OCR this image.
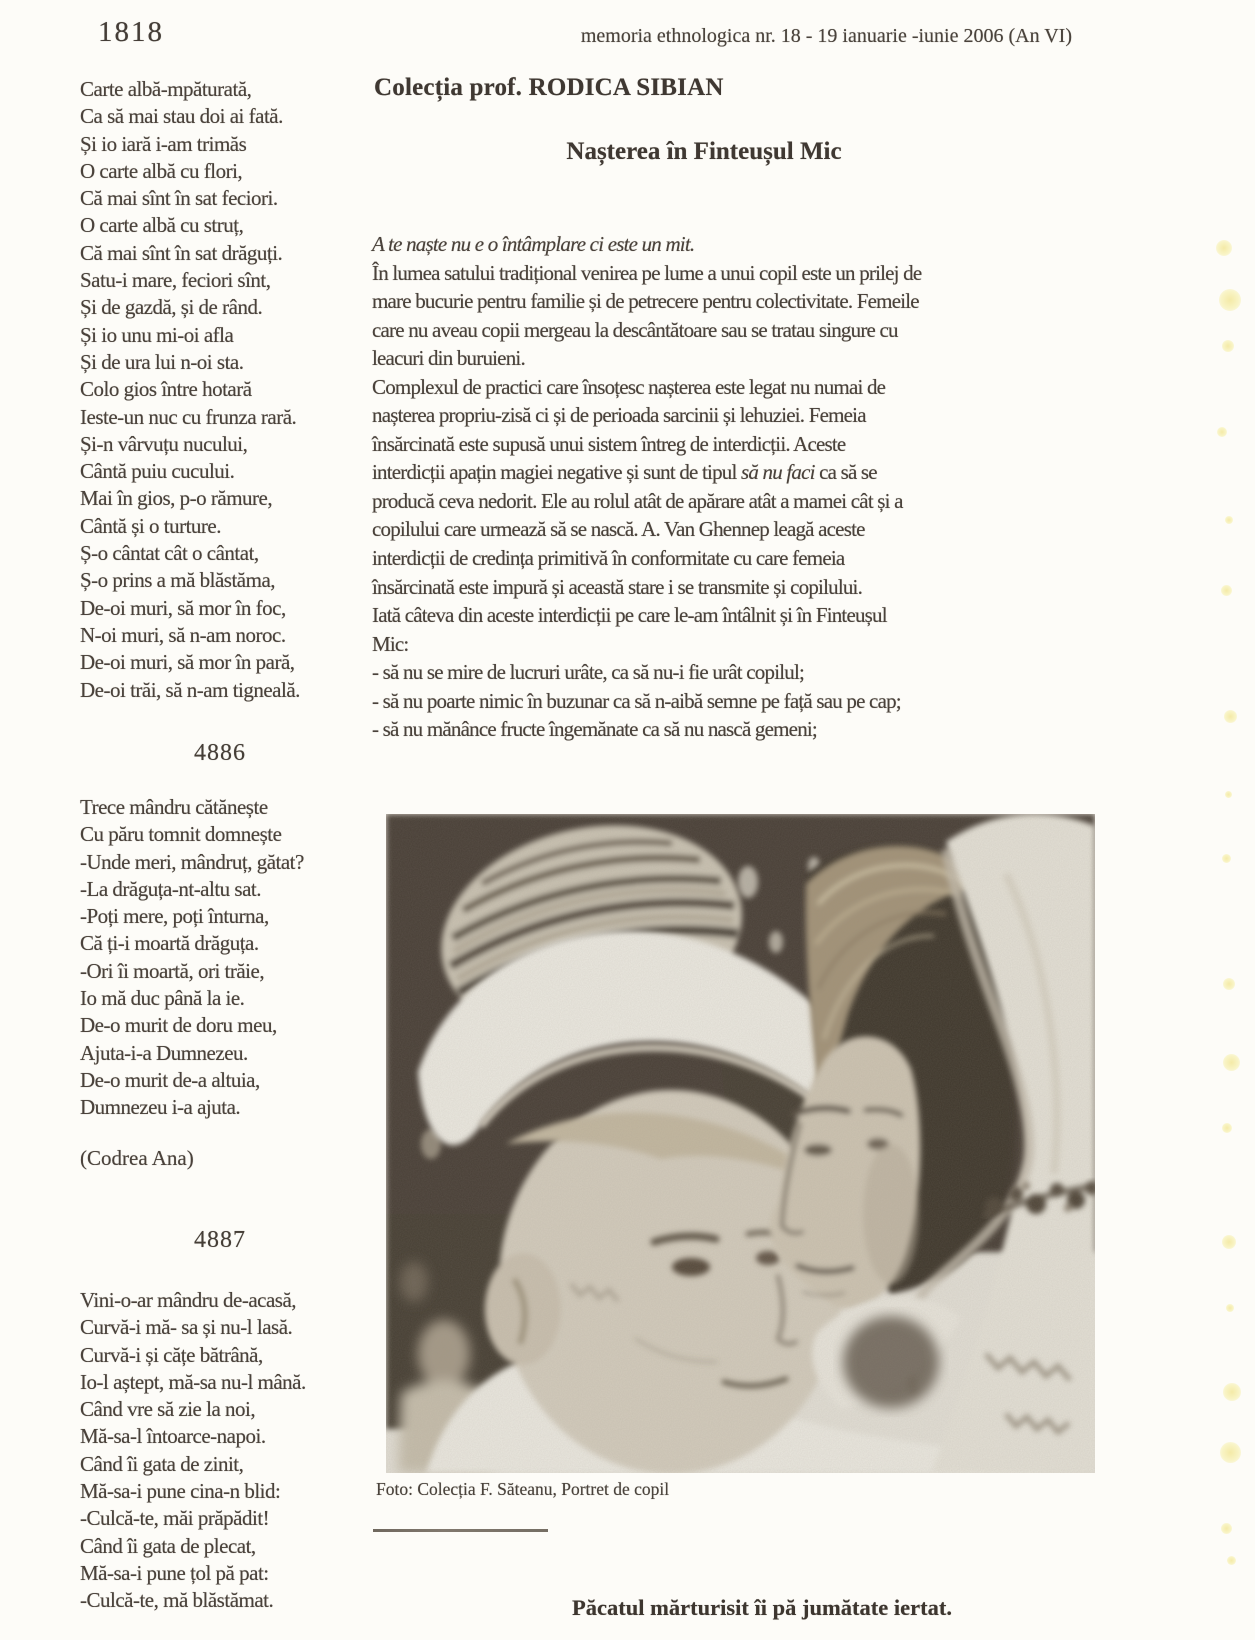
1818	memoria ethnologica nr. 18 - 19 ianuarie -iunie 2006 (An VI)
Carte albă-mpăturată,
Ca să mai stau doi ai fată.
Și io iară i-am trimăs
O carte albă cu flori,
Că mai sînt în sat feciori.
O carte albă cu struț,
Că mai sînt în sat drăguți.
Satu-i mare, feciori sînt,
Și de gazdă, și de rând.
Și io unu mi-oi afla
Și de ura lui n-oi sta.
Colo gios între hotară
Ieste-un nuc cu frunza rară.
Și-n vârvuțu nucului,
Cântă puiu cucului.
Mai în gios, p-o rămure,
Cântă și o turture.
Ș-o cântat cât o cântat,
Ș-o prins a mă blăstăma,
De-oi muri, să mor în foc,
N-oi muri, să n-am noroc.
De-oi muri, să mor în pară,
De-oi trăi, să n-am tigneală.
4886
Trece mândru cătănește
Cu păru tomnit domnește
-Unde meri, mândruț, gătat?
-La drăguța-nt-altu sat.
-Poți mere, poți înturna,
Că ți-i moartă drăguța.
-Ori îi moartă, ori trăie,
Io mă duc până la ie.
De-o murit de doru meu,
Ajuta-i-a Dumnezeu.
De-o murit de-a altuia,
Dumnezeu i-a ajuta.
(Codrea Ana)
4887
Vini-o-ar mândru de-acasă,
Curvă-i mă- sa și nu-l lasă.
Curvă-i și cățe bătrână,
Io-l aștept, mă-sa nu-l mână.
Când vre să zie la noi,
Mă-sa-l întoarce-napoi.
Când îi gata de zinit,
Mă-sa-i pune cina-n blid:
-Culcă-te, măi prăpădit!
Când îi gata de plecat,
Mă-sa-i pune țol pă pat:
-Culcă-te, mă blăstămat.
Colecția prof. RODICA SIBIAN
Nașterea în Finteușul Mic
A te naște nu e o întâmplare ci este un mit.
În lumea satului tradițional venirea pe lume a unui copil este un prilej de
mare bucurie pentru familie și de petrecere pentru colectivitate. Femeile
care nu aveau copii mergeau la descântătoare sau se tratau singure cu
leacuri din buruieni.
Complexul de practici care însoțesc nașterea este legat nu numai de
nașterea propriu-zisă ci și de perioada sarcinii și lehuziei. Femeia
însărcinată este supusă unui sistem întreg de interdicții. Aceste
interdicții apațin magiei negative și sunt de tipul să nu faci ca să se
producă ceva nedorit. Ele au rolul atât de apărare atât a mamei cât și a
copilului care urmează să se nască. A. Van Ghennep leagă aceste
interdicții de credința primitivă în conformitate cu care femeia
însărcinată este impură și această stare i se transmite și copilului.
Iată câteva din aceste interdicții pe care le-am întâlnit și în Finteușul
Mic:
- să nu se mire de lucruri urâte, ca să nu-i fie urât copilul;
- să nu poarte nimic în buzunar ca să n-aibă semne pe față sau pe cap;
- să nu mănânce fructe îngemănate ca să nu nască gemeni;
Foto: Colecția F. Săteanu, Portret de copil
Păcatul mărturisit îi pă jumătate iertat.
